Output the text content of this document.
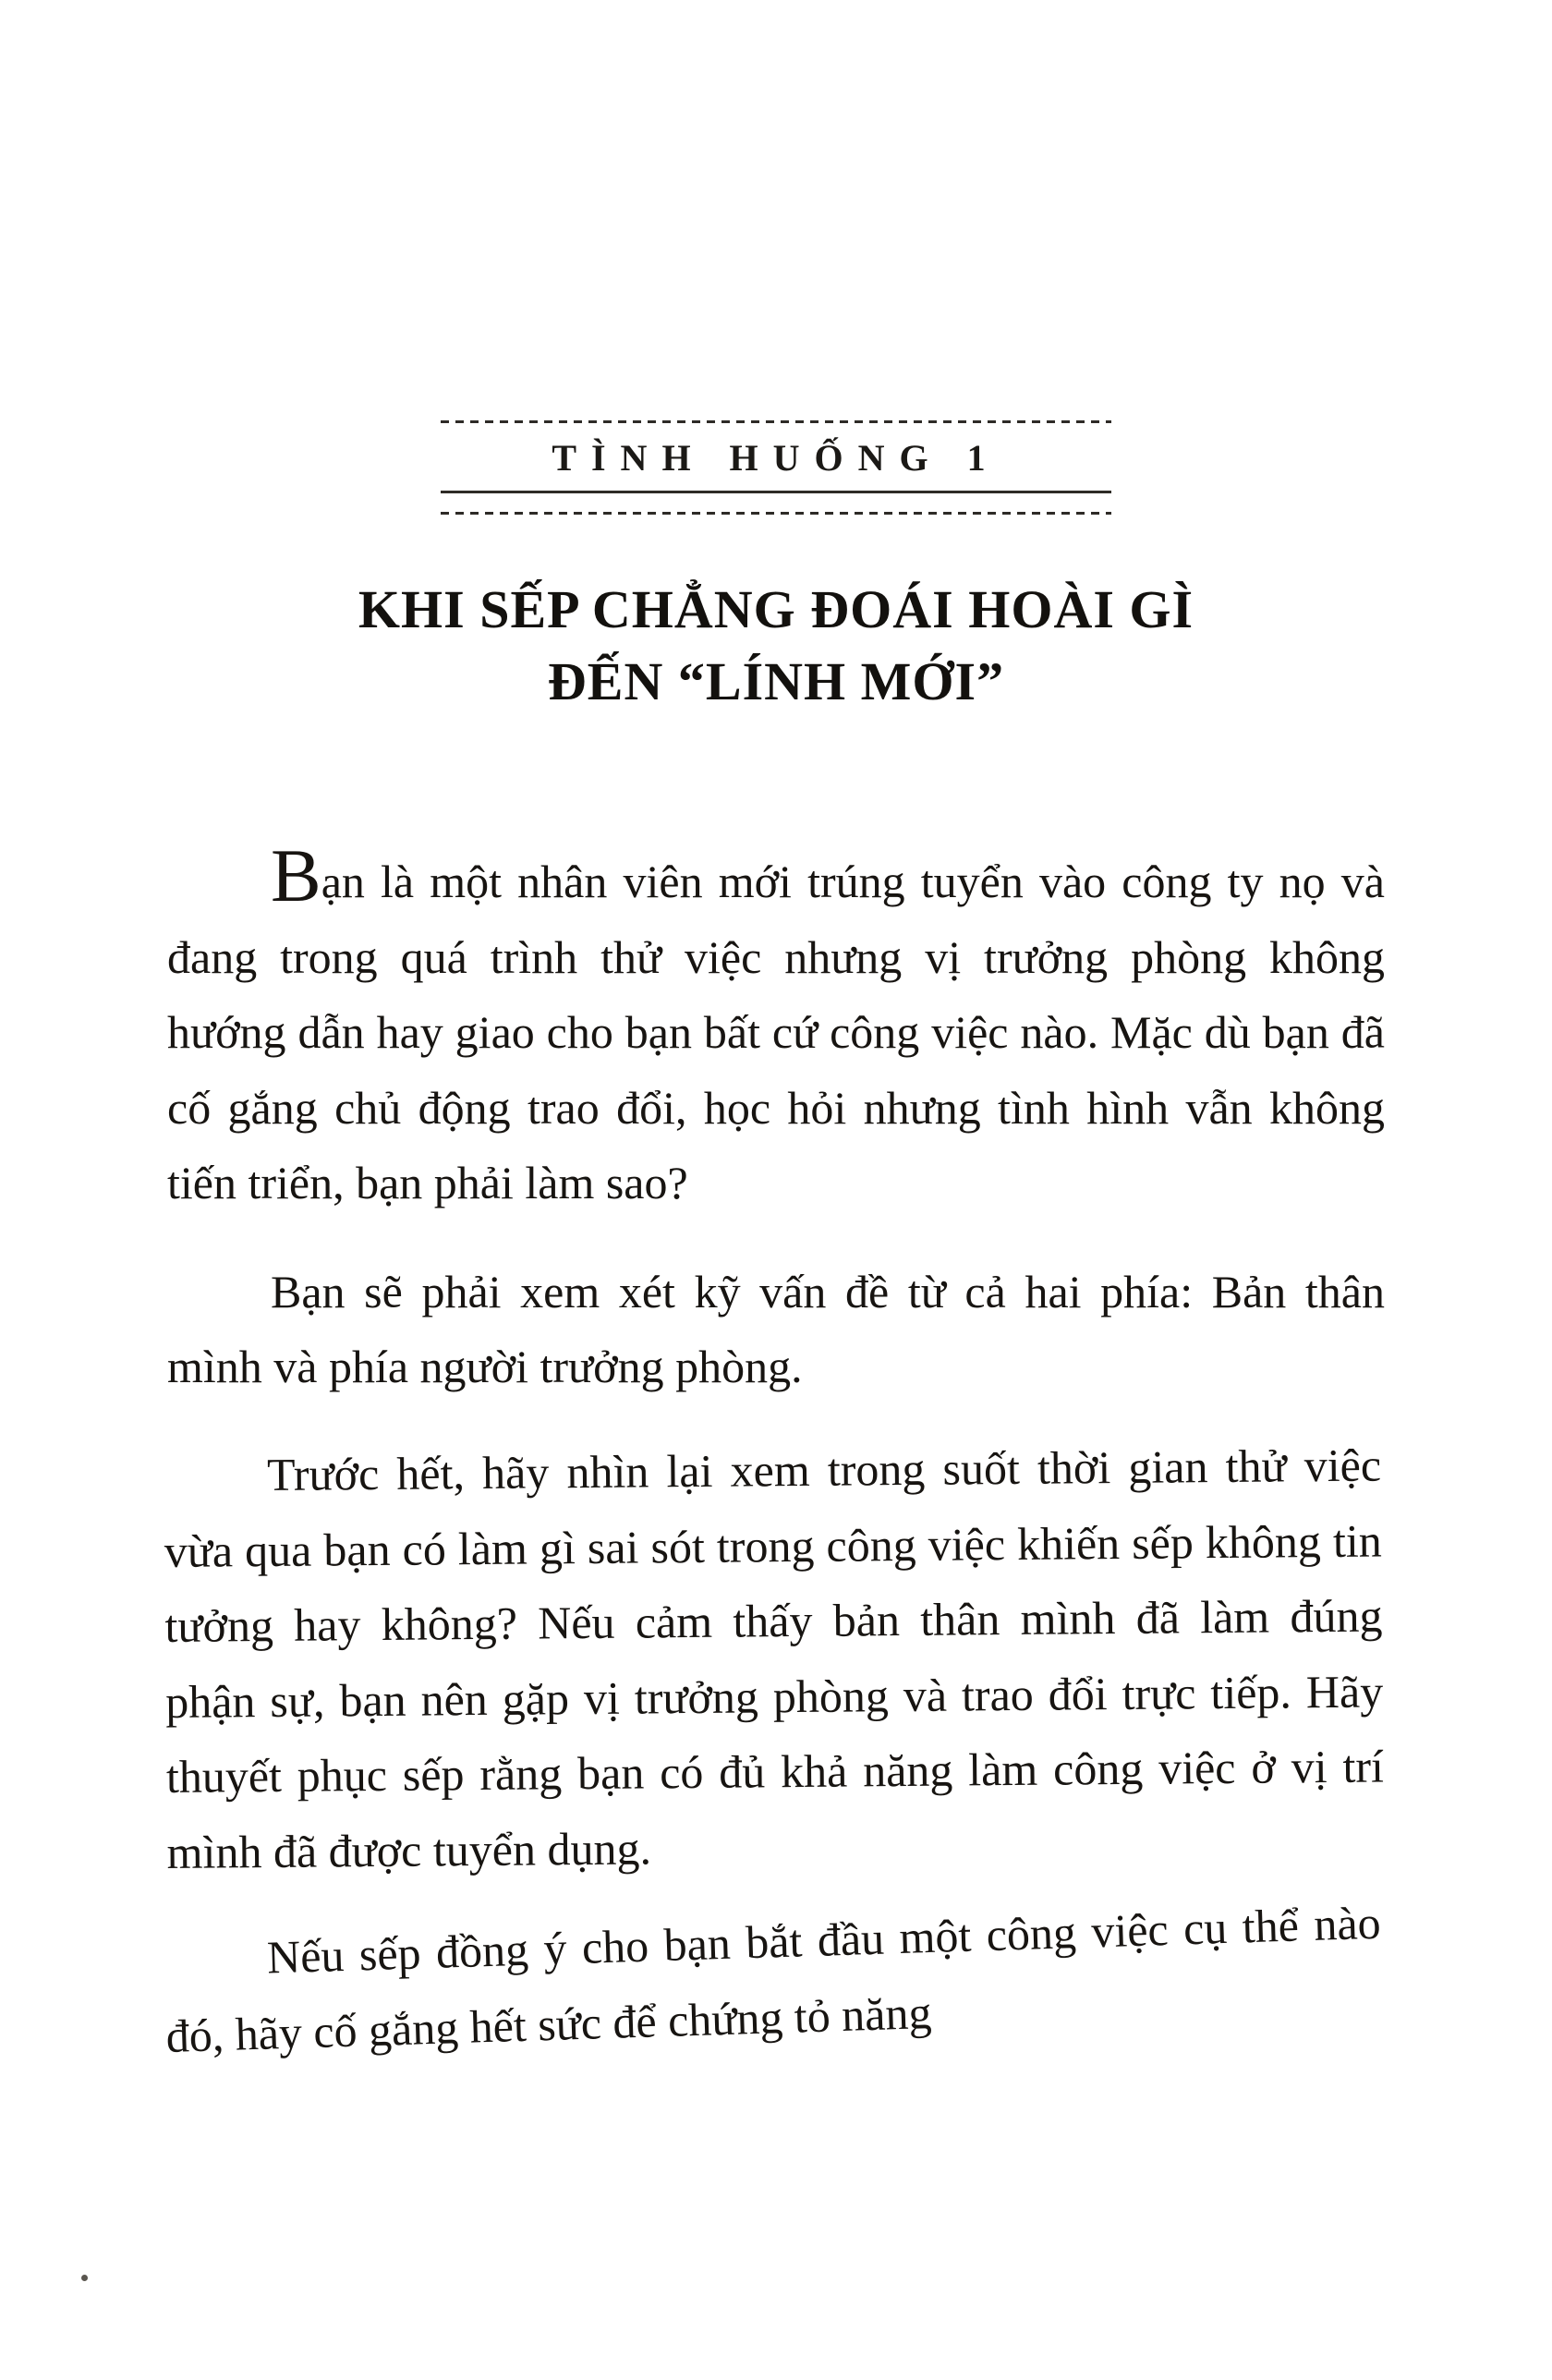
TÌNH HUỐNG 1
KHI SẾP CHẲNG ĐOÁI HOÀI GÌ
ĐẾN “LÍNH MỚI”

Bạn là một nhân viên mới trúng tuyển vào công ty nọ và đang trong quá trình thử việc nhưng vị trưởng phòng không hướng dẫn hay giao cho bạn bất cứ công việc nào. Mặc dù bạn đã cố gắng chủ động trao đổi, học hỏi nhưng tình hình vẫn không tiến triển, bạn phải làm sao?

Bạn sẽ phải xem xét kỹ vấn đề từ cả hai phía: Bản thân mình và phía người trưởng phòng.

Trước hết, hãy nhìn lại xem trong suốt thời gian thử việc vừa qua bạn có làm gì sai sót trong công việc khiến sếp không tin tưởng hay không? Nếu cảm thấy bản thân mình đã làm đúng phận sự, bạn nên gặp vị trưởng phòng và trao đổi trực tiếp. Hãy thuyết phục sếp rằng bạn có đủ khả năng làm công việc ở vị trí mình đã được tuyển dụng.

Nếu sếp đồng ý cho bạn bắt đầu một công việc cụ thể nào đó, hãy cố gắng hết sức để chứng tỏ năng
